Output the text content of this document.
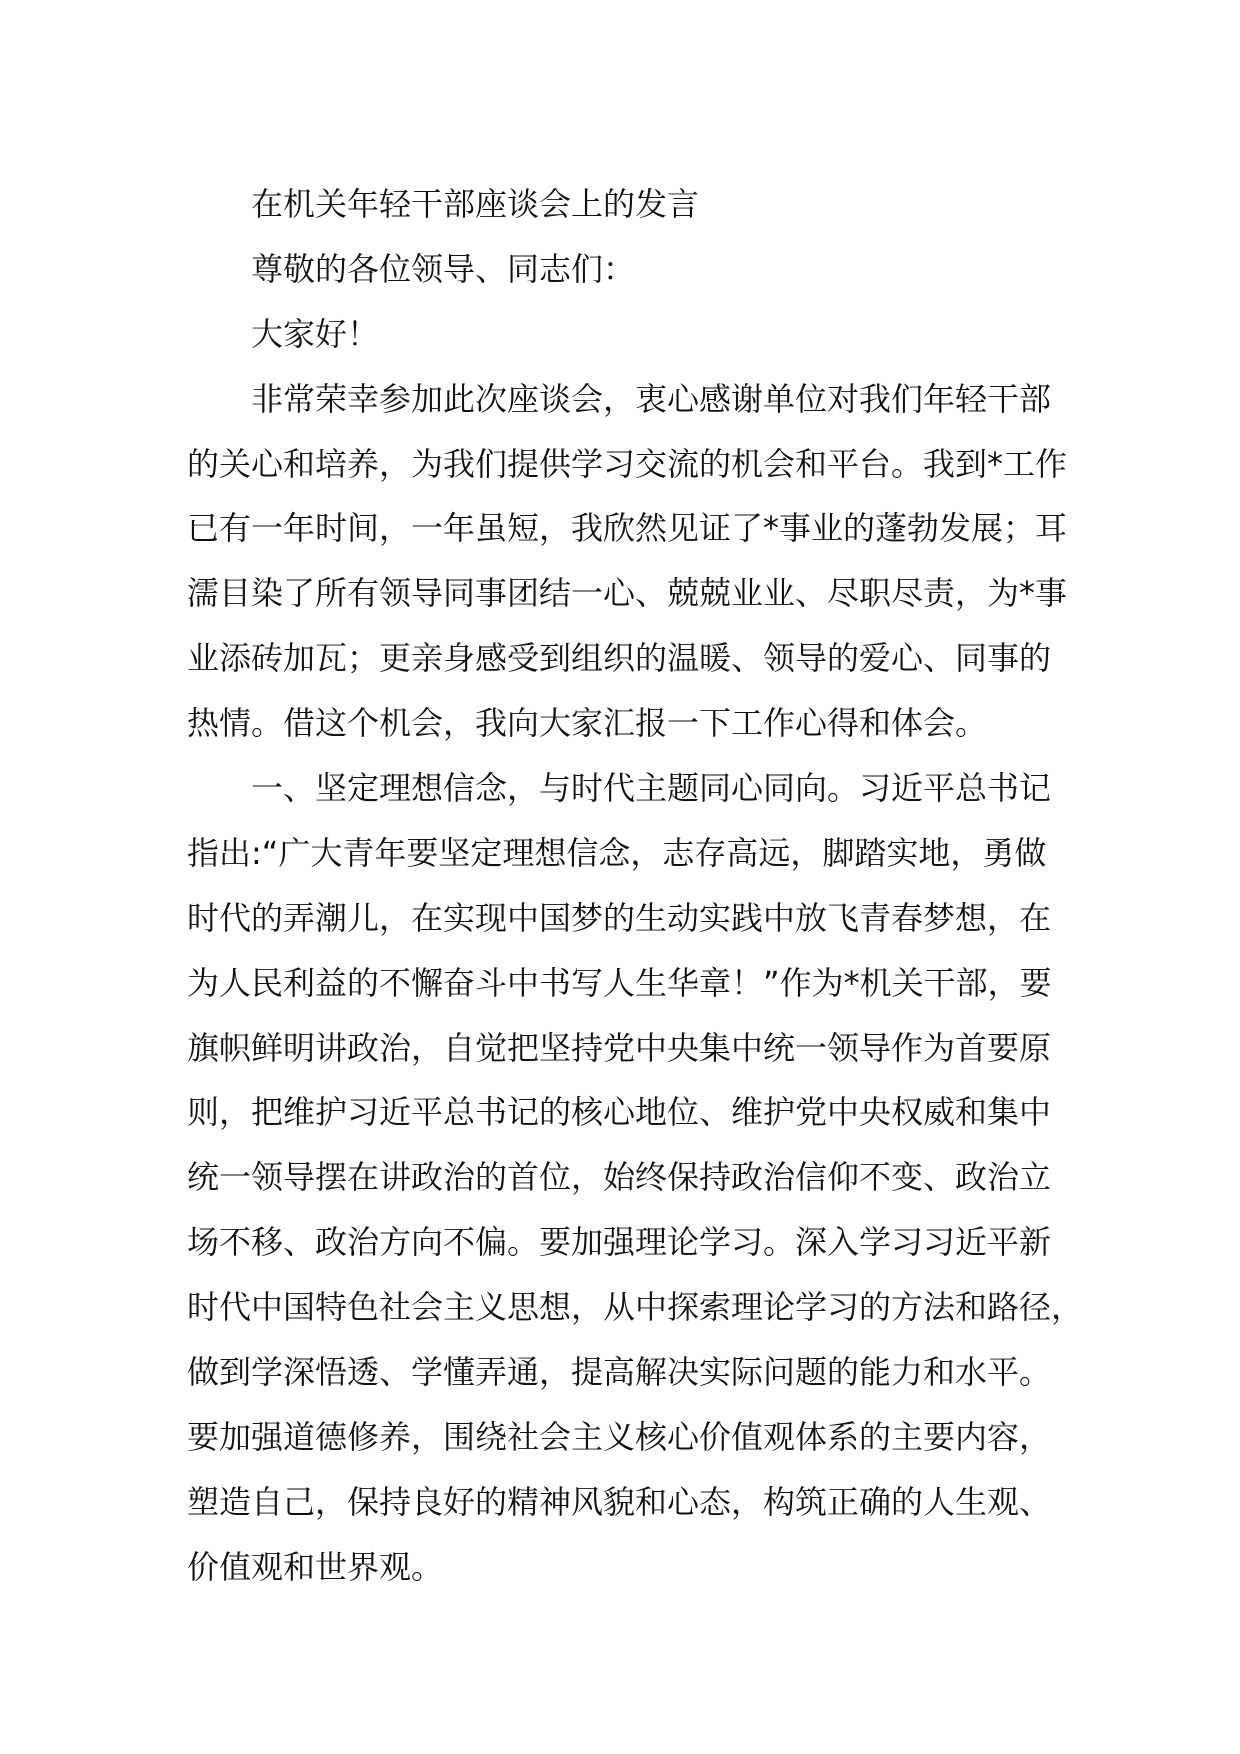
在机关年轻干部座谈会上的发言
尊敬的各位领导、同志们：
大家好！
非常荣幸参加此次座谈会，衷心感谢单位对我们年轻干部
的关心和培养，为我们提供学习交流的机会和平台。我到*工作
已有一年时间，一年虽短，我欣然见证了*事业的蓬勃发展；耳
濡目染了所有领导同事团结一心、兢兢业业、尽职尽责，为*事
业添砖加瓦；更亲身感受到组织的温暖、领导的爱心、同事的
热情。借这个机会，我向大家汇报一下工作心得和体会。
一、坚定理想信念，与时代主题同心同向。习近平总书记
指出:“广大青年要坚定理想信念，志存高远，脚踏实地，勇做
时代的弄潮儿，在实现中国梦的生动实践中放飞青春梦想，在
为人民利益的不懈奋斗中书写人生华章！”作为*机关干部，要
旗帜鲜明讲政治，自觉把坚持党中央集中统一领导作为首要原
则，把维护习近平总书记的核心地位、维护党中央权威和集中
统一领导摆在讲政治的首位，始终保持政治信仰不变、政治立
场不移、政治方向不偏。要加强理论学习。深入学习习近平新
时代中国特色社会主义思想，从中探索理论学习的方法和路径，
做到学深悟透、学懂弄通，提高解决实际问题的能力和水平。
要加强道德修养，围绕社会主义核心价值观体系的主要内容，
塑造自己，保持良好的精神风貌和心态，构筑正确的人生观、
价值观和世界观。
